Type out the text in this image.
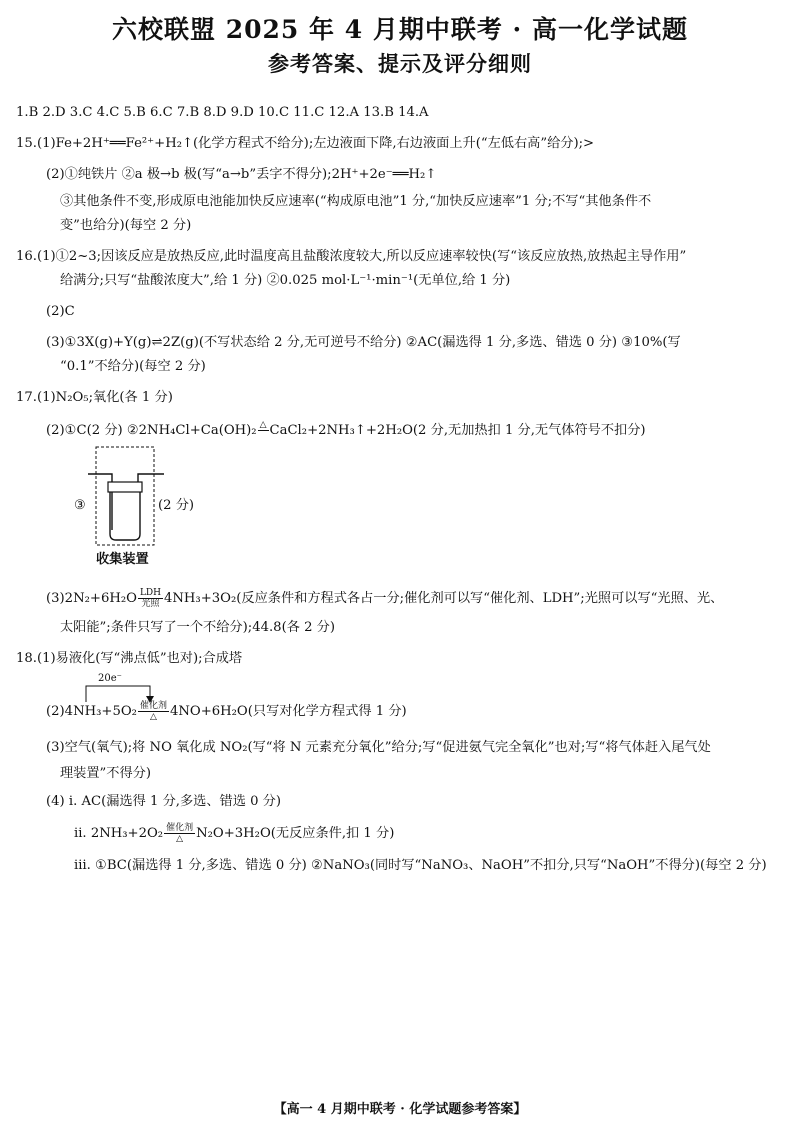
六校联盟 2025 年 4 月期中联考 · 高一化学试题
参考答案、提示及评分细则
1.B 2.D 3.C 4.C 5.B 6.C 7.B 8.D 9.D 10.C 11.C 12.A 13.B 14.A
15.(1)Fe+2H⁺══Fe²⁺+H₂↑(化学方程式不给分);左边液面下降,右边液面上升(“左低右高”给分);>
(2)①纯铁片 ②a 极→b 极(写“a→b”丢字不得分);2H⁺+2e⁻══H₂↑
③其他条件不变,形成原电池能加快反应速率(“构成原电池”1 分,“加快反应速率”1 分;不写“其他条件不
变”也给分)(每空 2 分)
16.(1)①2~3;因该反应是放热反应,此时温度高且盐酸浓度较大,所以反应速率较快(写“该反应放热,放热起主导作用”
给满分;只写“盐酸浓度大”,给 1 分) ②0.025 mol·L⁻¹·min⁻¹(无单位,给 1 分)
(2)C
(3)①3X(g)+Y(g)⇌2Z(g)(不写状态给 2 分,无可逆号不给分) ②AC(漏选得 1 分,多选、错选 0 分) ③10%(写
“0.1”不给分)(每空 2 分)
17.(1)N₂O₅;氧化(各 1 分)
(2)①C(2 分) ②2NH₄Cl+Ca(OH)₂ △
CaCl₂+2NH₃↑+2H₂O(2 分,无加热扣 1 分,无气体符号不扣分)
③	(2 分)
收集装置
$(3)2N_2+6H_2O \frac{\text{LDH}}{\text{光照}} 4NH_3+3O_2$(反应条件和方程式各占一分;催化剂可以写“催化剂、LDH”;光照可以写“光照、光、
太阳能”;条件只写了一个不给分);44.8(各 2 分)
18.(1)易液化(写“沸点低”也对);合成塔
20e⁻
$(2)4NH_3+5O_2 \frac{\text{催化剂}}{\triangle} 4NO+6H_2O$(只写对化学方程式得 1 分)
(3)空气(氧气);将 NO 氧化成 NO₂(写“将 N 元素充分氧化”给分;写“促进氨气完全氧化”也对;写“将气体赶入尾气处
理装置”不得分)
(4) ⅰ. AC(漏选得 1 分,多选、错选 0 分)
ⅱ. $2NH_3+2O_2 \frac{\text{催化剂}}{\triangle} N_2O+3H_2O$(无反应条件,扣 1 分)
ⅲ. ①BC(漏选得 1 分,多选、错选 0 分) ②NaNO₃(同时写“NaNO₃、NaOH”不扣分,只写“NaOH”不得分)(每空 2 分)
【高一 4 月期中联考 · 化学试题参考答案】
